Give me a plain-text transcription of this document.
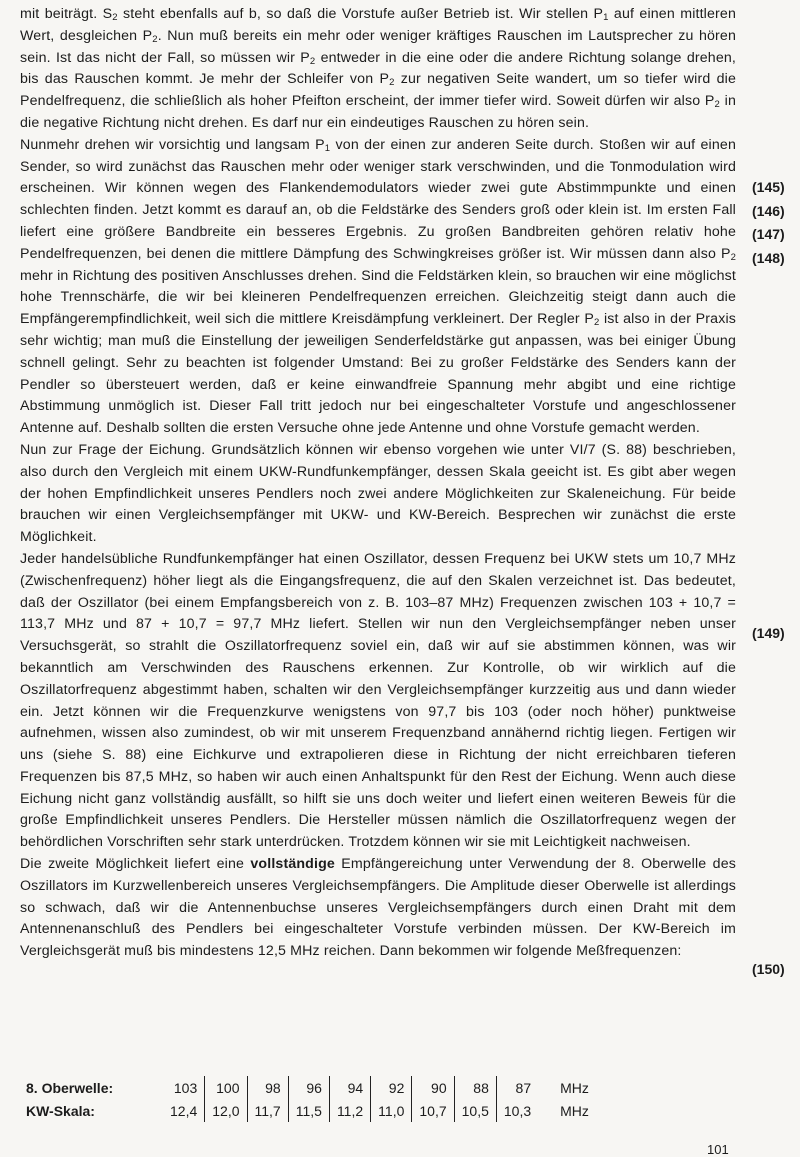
mit beiträgt. $S_2$ steht ebenfalls auf b, so daß die Vorstufe außer Betrieb ist. Wir stellen $P_1$ auf einen mittleren Wert, desgleichen $P_2$. Nun muß bereits ein mehr oder weniger kräftiges Rauschen im Lautsprecher zu hören sein. Ist das nicht der Fall, so müssen wir $P_2$ entweder in die eine oder die andere Richtung solange drehen, bis das Rauschen kommt. Je mehr der Schleifer von $P_2$ zur negativen Seite wandert, um so tiefer wird die Pendelfrequenz, die schließlich als hoher Pfeifton erscheint, der immer tiefer wird. Soweit dürfen wir also $P_2$ in die negative Richtung nicht drehen. Es darf nur ein eindeutiges Rauschen zu hören sein.

Nunmehr drehen wir vorsichtig und langsam $P_1$ von der einen zur anderen Seite durch. Stoßen wir auf einen Sender, so wird zunächst das Rauschen mehr oder weniger stark verschwinden, und die Tonmodulation wird erscheinen. Wir können wegen des Flankendemodulators wieder zwei gute Abstimmpunkte und einen schlechten finden. Jetzt kommt es darauf an, ob die Feldstärke des Senders groß oder klein ist. Im ersten Fall liefert eine größere Bandbreite ein besseres Ergebnis. Zu großen Bandbreiten gehören relativ hohe Pendelfrequenzen, bei denen die mittlere Dämpfung des Schwingkreises größer ist. Wir müssen dann also $P_2$ mehr in Richtung des positiven Anschlusses drehen. Sind die Feldstärken klein, so brauchen wir eine möglichst hohe Trennschärfe, die wir bei kleineren Pendelfrequenzen erreichen. Gleichzeitig steigt dann auch die Empfängerempfindlichkeit, weil sich die mittlere Kreisdämpfung verkleinert. Der Regler $P_2$ ist also in der Praxis sehr wichtig; man muß die Einstellung der jeweiligen Senderfeldstärke gut anpassen, was bei einiger Übung schnell gelingt. Sehr zu beachten ist folgender Umstand: Bei zu großer Feldstärke des Senders kann der Pendler so übersteuert werden, daß er keine einwandfreie Spannung mehr abgibt und eine richtige Abstimmung unmöglich ist. Dieser Fall tritt jedoch nur bei eingeschalteter Vorstufe und angeschlossener Antenne auf. Deshalb sollten die ersten Versuche ohne jede Antenne und ohne Vorstufe gemacht werden.

Nun zur Frage der Eichung. Grundsätzlich können wir ebenso vorgehen wie unter VI/7 (S. 88) beschrieben, also durch den Vergleich mit einem UKW-Rundfunkempfänger, dessen Skala geeicht ist. Es gibt aber wegen der hohen Empfindlichkeit unseres Pendlers noch zwei andere Möglichkeiten zur Skaleneichung. Für beide brauchen wir einen Vergleichsempfänger mit UKW- und KW-Bereich. Besprechen wir zunächst die erste Möglichkeit.

Jeder handelsübliche Rundfunkempfänger hat einen Oszillator, dessen Frequenz bei UKW stets um 10,7 MHz (Zwischenfrequenz) höher liegt als die Eingangsfrequenz, die auf den Skalen verzeichnet ist. Das bedeutet, daß der Oszillator (bei einem Empfangsbereich von z. B. 103–87 MHz) Frequenzen zwischen 103 + 10,7 = 113,7 MHz und 87 + 10,7 = 97,7 MHz liefert. Stellen wir nun den Vergleichsempfänger neben unser Versuchsgerät, so strahlt die Oszillatorfrequenz soviel ein, daß wir auf sie abstimmen können, was wir bekanntlich am Verschwinden des Rauschens erkennen. Zur Kontrolle, ob wir wirklich auf die Oszillatorfrequenz abgestimmt haben, schalten wir den Vergleichsempfänger kurzzeitig aus und dann wieder ein. Jetzt können wir die Frequenzkurve wenigstens von 97,7 bis 103 (oder noch höher) punktweise aufnehmen, wissen also zumindest, ob wir mit unserem Frequenzband annähernd richtig liegen. Fertigen wir uns (siehe S. 88) eine Eichkurve und extrapolieren diese in Richtung der nicht erreichbaren tieferen Frequenzen bis 87,5 MHz, so haben wir auch einen Anhaltspunkt für den Rest der Eichung. Wenn auch diese Eichung nicht ganz vollständig ausfällt, so hilft sie uns doch weiter und liefert einen weiteren Beweis für die große Empfindlichkeit unseres Pendlers. Die Hersteller müssen nämlich die Oszillatorfrequenz wegen der behördlichen Vorschriften sehr stark unterdrücken. Trotzdem können wir sie mit Leichtigkeit nachweisen.

Die zweite Möglichkeit liefert eine vollständige Empfängereichung unter Verwendung der 8. Oberwelle des Oszillators im Kurzwellenbereich unseres Vergleichsempfängers. Die Amplitude dieser Oberwelle ist allerdings so schwach, daß wir die Antennenbuchse unseres Vergleichsempfängers durch einen Draht mit dem Antennenanschluß des Pendlers bei eingeschalteter Vorstufe verbinden müssen. Der KW-Bereich im Vergleichsgerät muß bis mindestens 12,5 MHz reichen. Dann bekommen wir folgende Meßfrequenzen:

(145)
(146)
(147)
(148)
(149)
(150)
8. Oberwelle:	103	100	98	96	94	92	90	88	87	MHz
KW-Skala:	12,4	12,0	11,7	11,5	11,2	11,0	10,7	10,5	10,3	MHz
101
